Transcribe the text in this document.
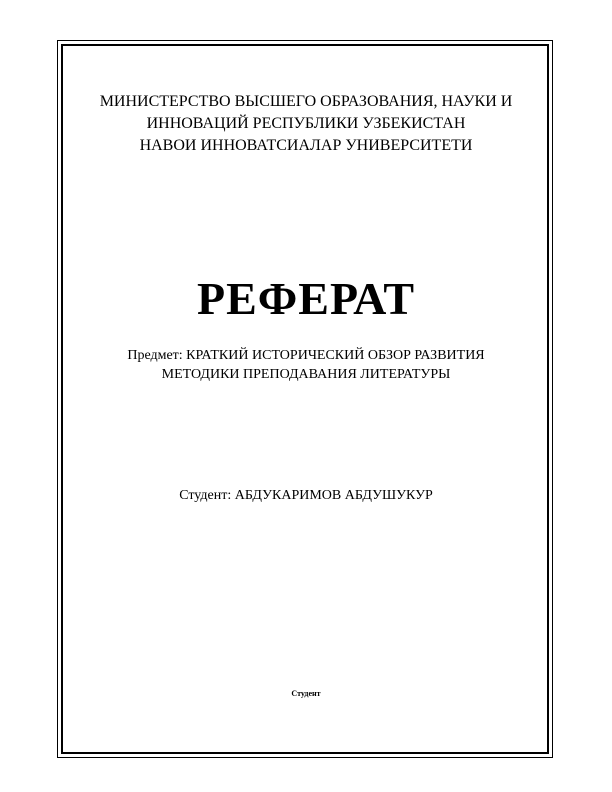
МИНИСТЕРСТВО ВЫСШЕГО ОБРАЗОВАНИЯ, НАУКИ И
ИННОВАЦИЙ РЕСПУБЛИКИ УЗБЕКИСТАН
НАВОИ ИННОВАТСИАЛАР УНИВЕРСИТЕТИ
РЕФЕРАТ
Предмет: КРАТКИЙ ИСТОРИЧЕСКИЙ ОБЗОР РАЗВИТИЯ
МЕТОДИКИ ПРЕПОДАВАНИЯ ЛИТЕРАТУРЫ
Студент: АБДУКАРИМОВ АБДУШУКУР
Студент
